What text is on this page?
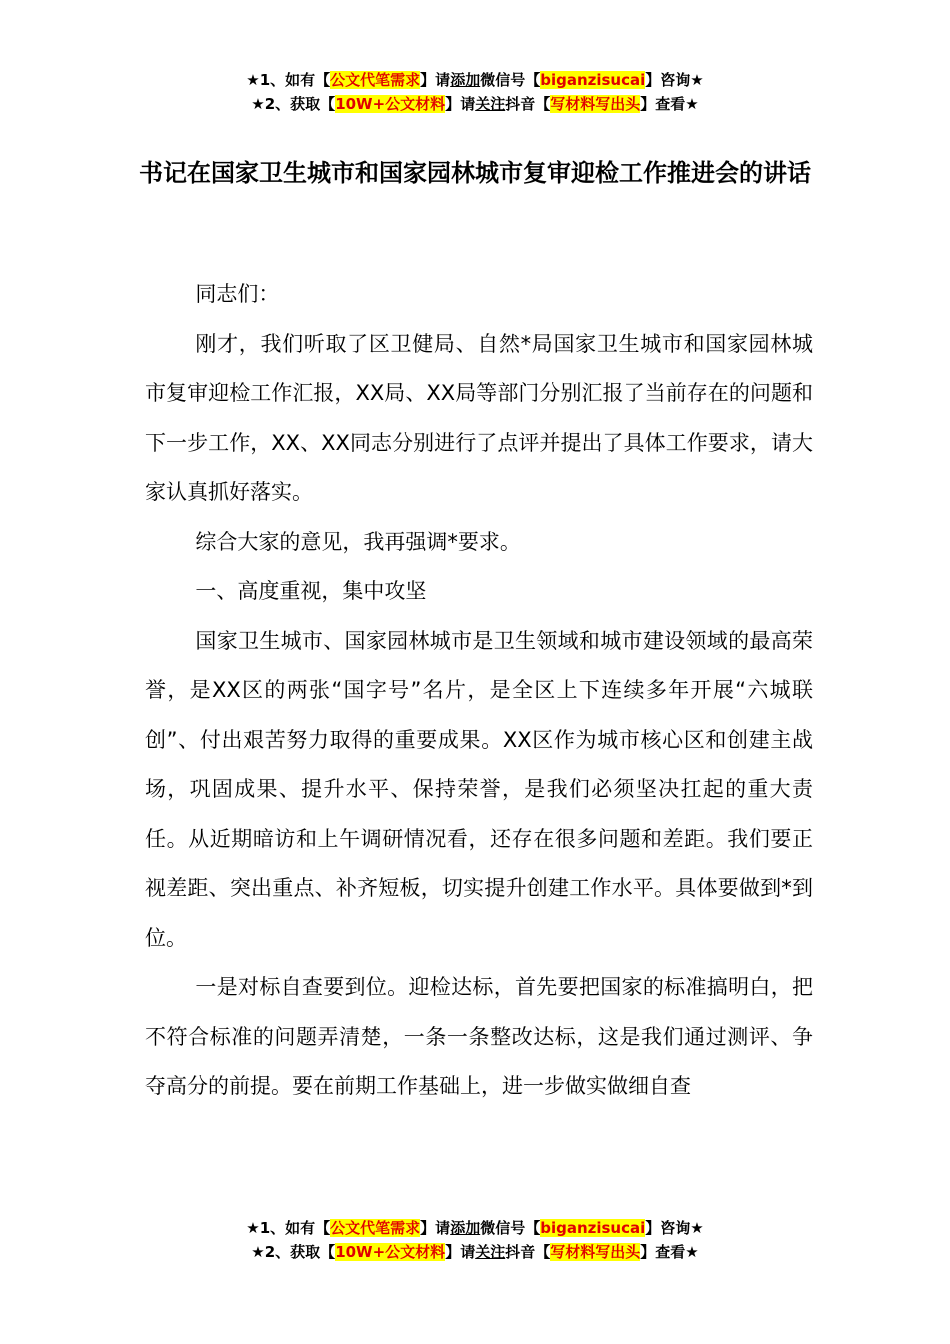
★1、如有【公文代笔需求】请添加微信号【biganzisucai】咨询★
★2、获取【10W+公文材料】请关注抖音【写材料写出头】查看★
书记在国家卫生城市和国家园林城市复审迎检工作推进会的讲话

同志们：

刚才，我们听取了区卫健局、自然*局国家卫生城市和国家园林城市复审迎检工作汇报，XX局、XX局等部门分别汇报了当前存在的问题和下一步工作，XX、XX同志分别进行了点评并提出了具体工作要求，请大家认真抓好落实。

综合大家的意见，我再强调*要求。

一、高度重视，集中攻坚

国家卫生城市、国家园林城市是卫生领域和城市建设领域的最高荣誉，是XX区的两张“国字号”名片，是全区上下连续多年开展“六城联创”、付出艰苦努力取得的重要成果。XX区作为城市核心区和创建主战场，巩固成果、提升水平、保持荣誉，是我们必须坚决扛起的重大责任。从近期暗访和上午调研情况看，还存在很多问题和差距。我们要正视差距、突出重点、补齐短板，切实提升创建工作水平。具体要做到*到位。

一是对标自查要到位。迎检达标，首先要把国家的标准搞明白，把不符合标准的问题弄清楚，一条一条整改达标，这是我们通过测评、争夺高分的前提。要在前期工作基础上，进一步做实做细自查

★1、如有【公文代笔需求】请添加微信号【biganzisucai】咨询★
★2、获取【10W+公文材料】请关注抖音【写材料写出头】查看★
